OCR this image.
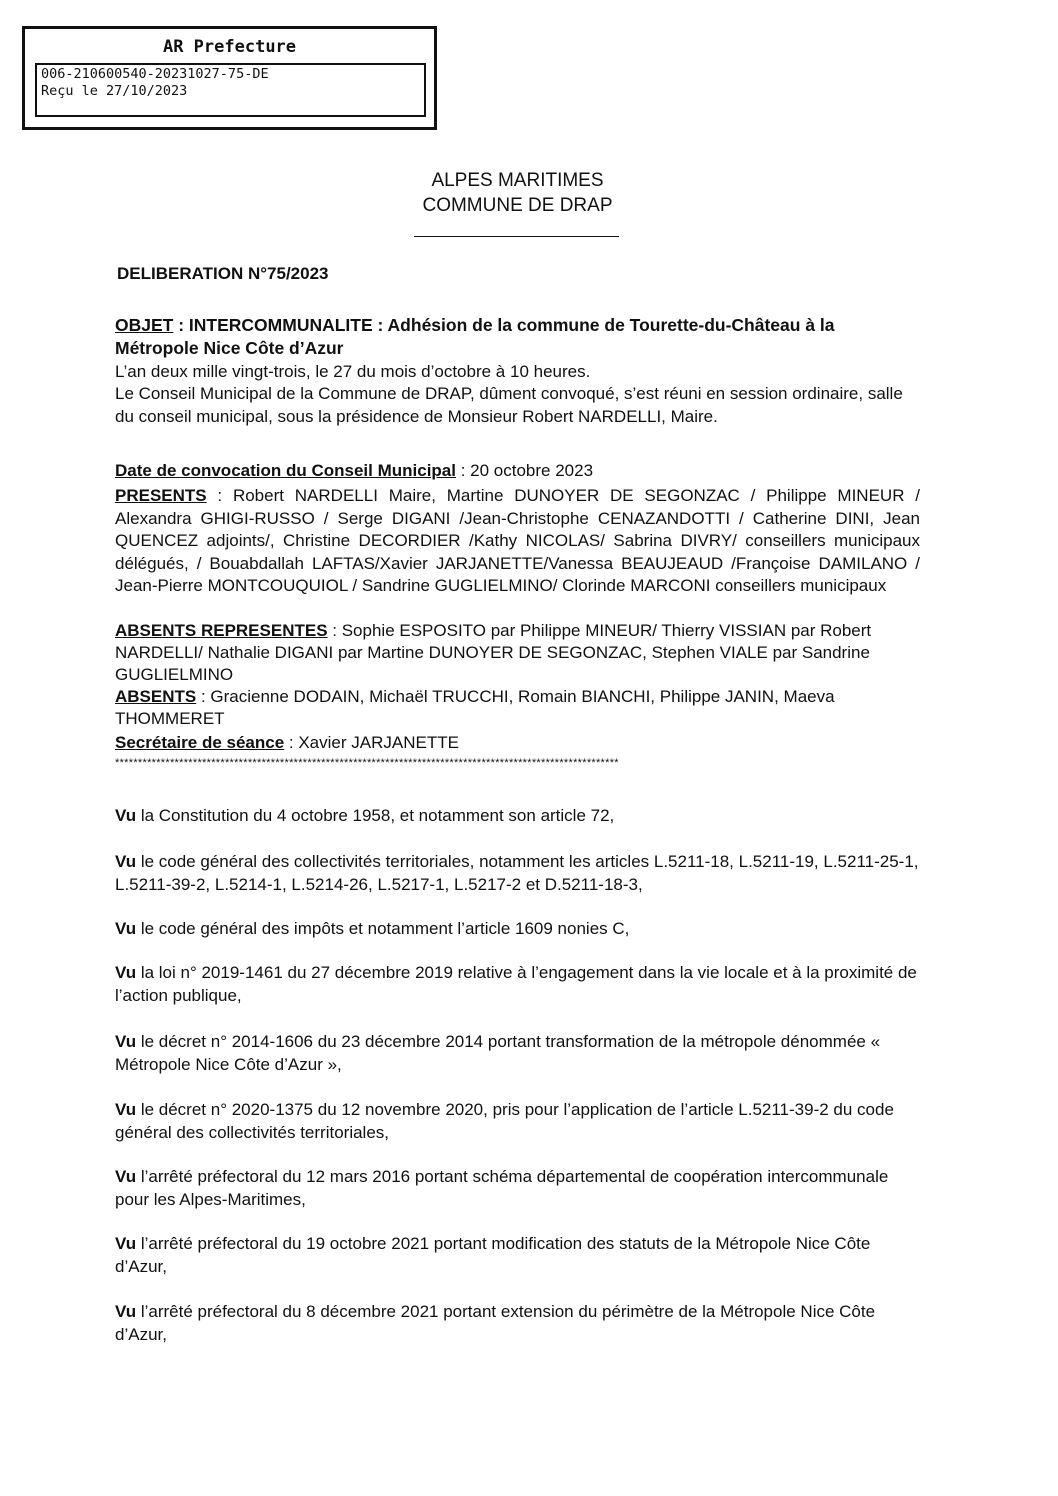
AR Prefecture
006-210600540-20231027-75-DE
Reçu le 27/10/2023
ALPES MARITIMES
COMMUNE DE DRAP
DELIBERATION N°75/2023
OBJET : INTERCOMMUNALITE : Adhésion de la commune de Tourette-du-Château à la Métropole Nice Côte d’Azur
L’an deux mille vingt-trois, le 27 du mois d’octobre à 10 heures.
Le Conseil Municipal de la Commune de DRAP, dûment convoqué, s’est réuni en session ordinaire, salle du conseil municipal, sous la présidence de Monsieur Robert NARDELLI, Maire.
Date de convocation du Conseil Municipal : 20 octobre 2023
PRESENTS : Robert NARDELLI Maire, Martine DUNOYER DE SEGONZAC / Philippe MINEUR / Alexandra GHIGI-RUSSO / Serge DIGANI /Jean-Christophe CENAZANDOTTI / Catherine DINI, Jean QUENCEZ adjoints/, Christine DECORDIER /Kathy NICOLAS/ Sabrina DIVRY/ conseillers municipaux délégués, / Bouabdallah LAFTAS/Xavier JARJANETTE/Vanessa BEAUJEAUD /Françoise DAMILANO / Jean-Pierre MONTCOUQUIOL / Sandrine GUGLIELMINO/ Clorinde MARCONI conseillers municipaux
ABSENTS REPRESENTES : Sophie ESPOSITO par Philippe MINEUR/ Thierry VISSIAN par Robert NARDELLI/ Nathalie DIGANI par Martine DUNOYER DE SEGONZAC, Stephen VIALE par Sandrine GUGLIELMINO
ABSENTS : Gracienne DODAIN, Michaël TRUCCHI, Romain BIANCHI, Philippe JANIN, Maeva THOMMERET
Secrétaire de séance : Xavier JARJANETTE
**************************************************************************************************************
Vu la Constitution du 4 octobre 1958, et notamment son article 72,
Vu le code général des collectivités territoriales, notamment les articles L.5211-18, L.5211-19, L.5211-25-1, L.5211-39-2, L.5214-1, L.5214-26, L.5217-1, L.5217-2 et D.5211-18-3,
Vu le code général des impôts et notamment l’article 1609 nonies C,
Vu la loi n° 2019-1461 du 27 décembre 2019 relative à l’engagement dans la vie locale et à la proximité de l’action publique,
Vu le décret n° 2014-1606 du 23 décembre 2014 portant transformation de la métropole dénommée « Métropole Nice Côte d’Azur »,
Vu le décret n° 2020-1375 du 12 novembre 2020, pris pour l’application de l’article L.5211-39-2 du code général des collectivités territoriales,
Vu l’arrêté préfectoral du 12 mars 2016 portant schéma départemental de coopération intercommunale pour les Alpes-Maritimes,
Vu l’arrêté préfectoral du 19 octobre 2021 portant modification des statuts de la Métropole Nice Côte d’Azur,
Vu l’arrêté préfectoral du 8 décembre 2021 portant extension du périmètre de la Métropole Nice Côte d’Azur,
